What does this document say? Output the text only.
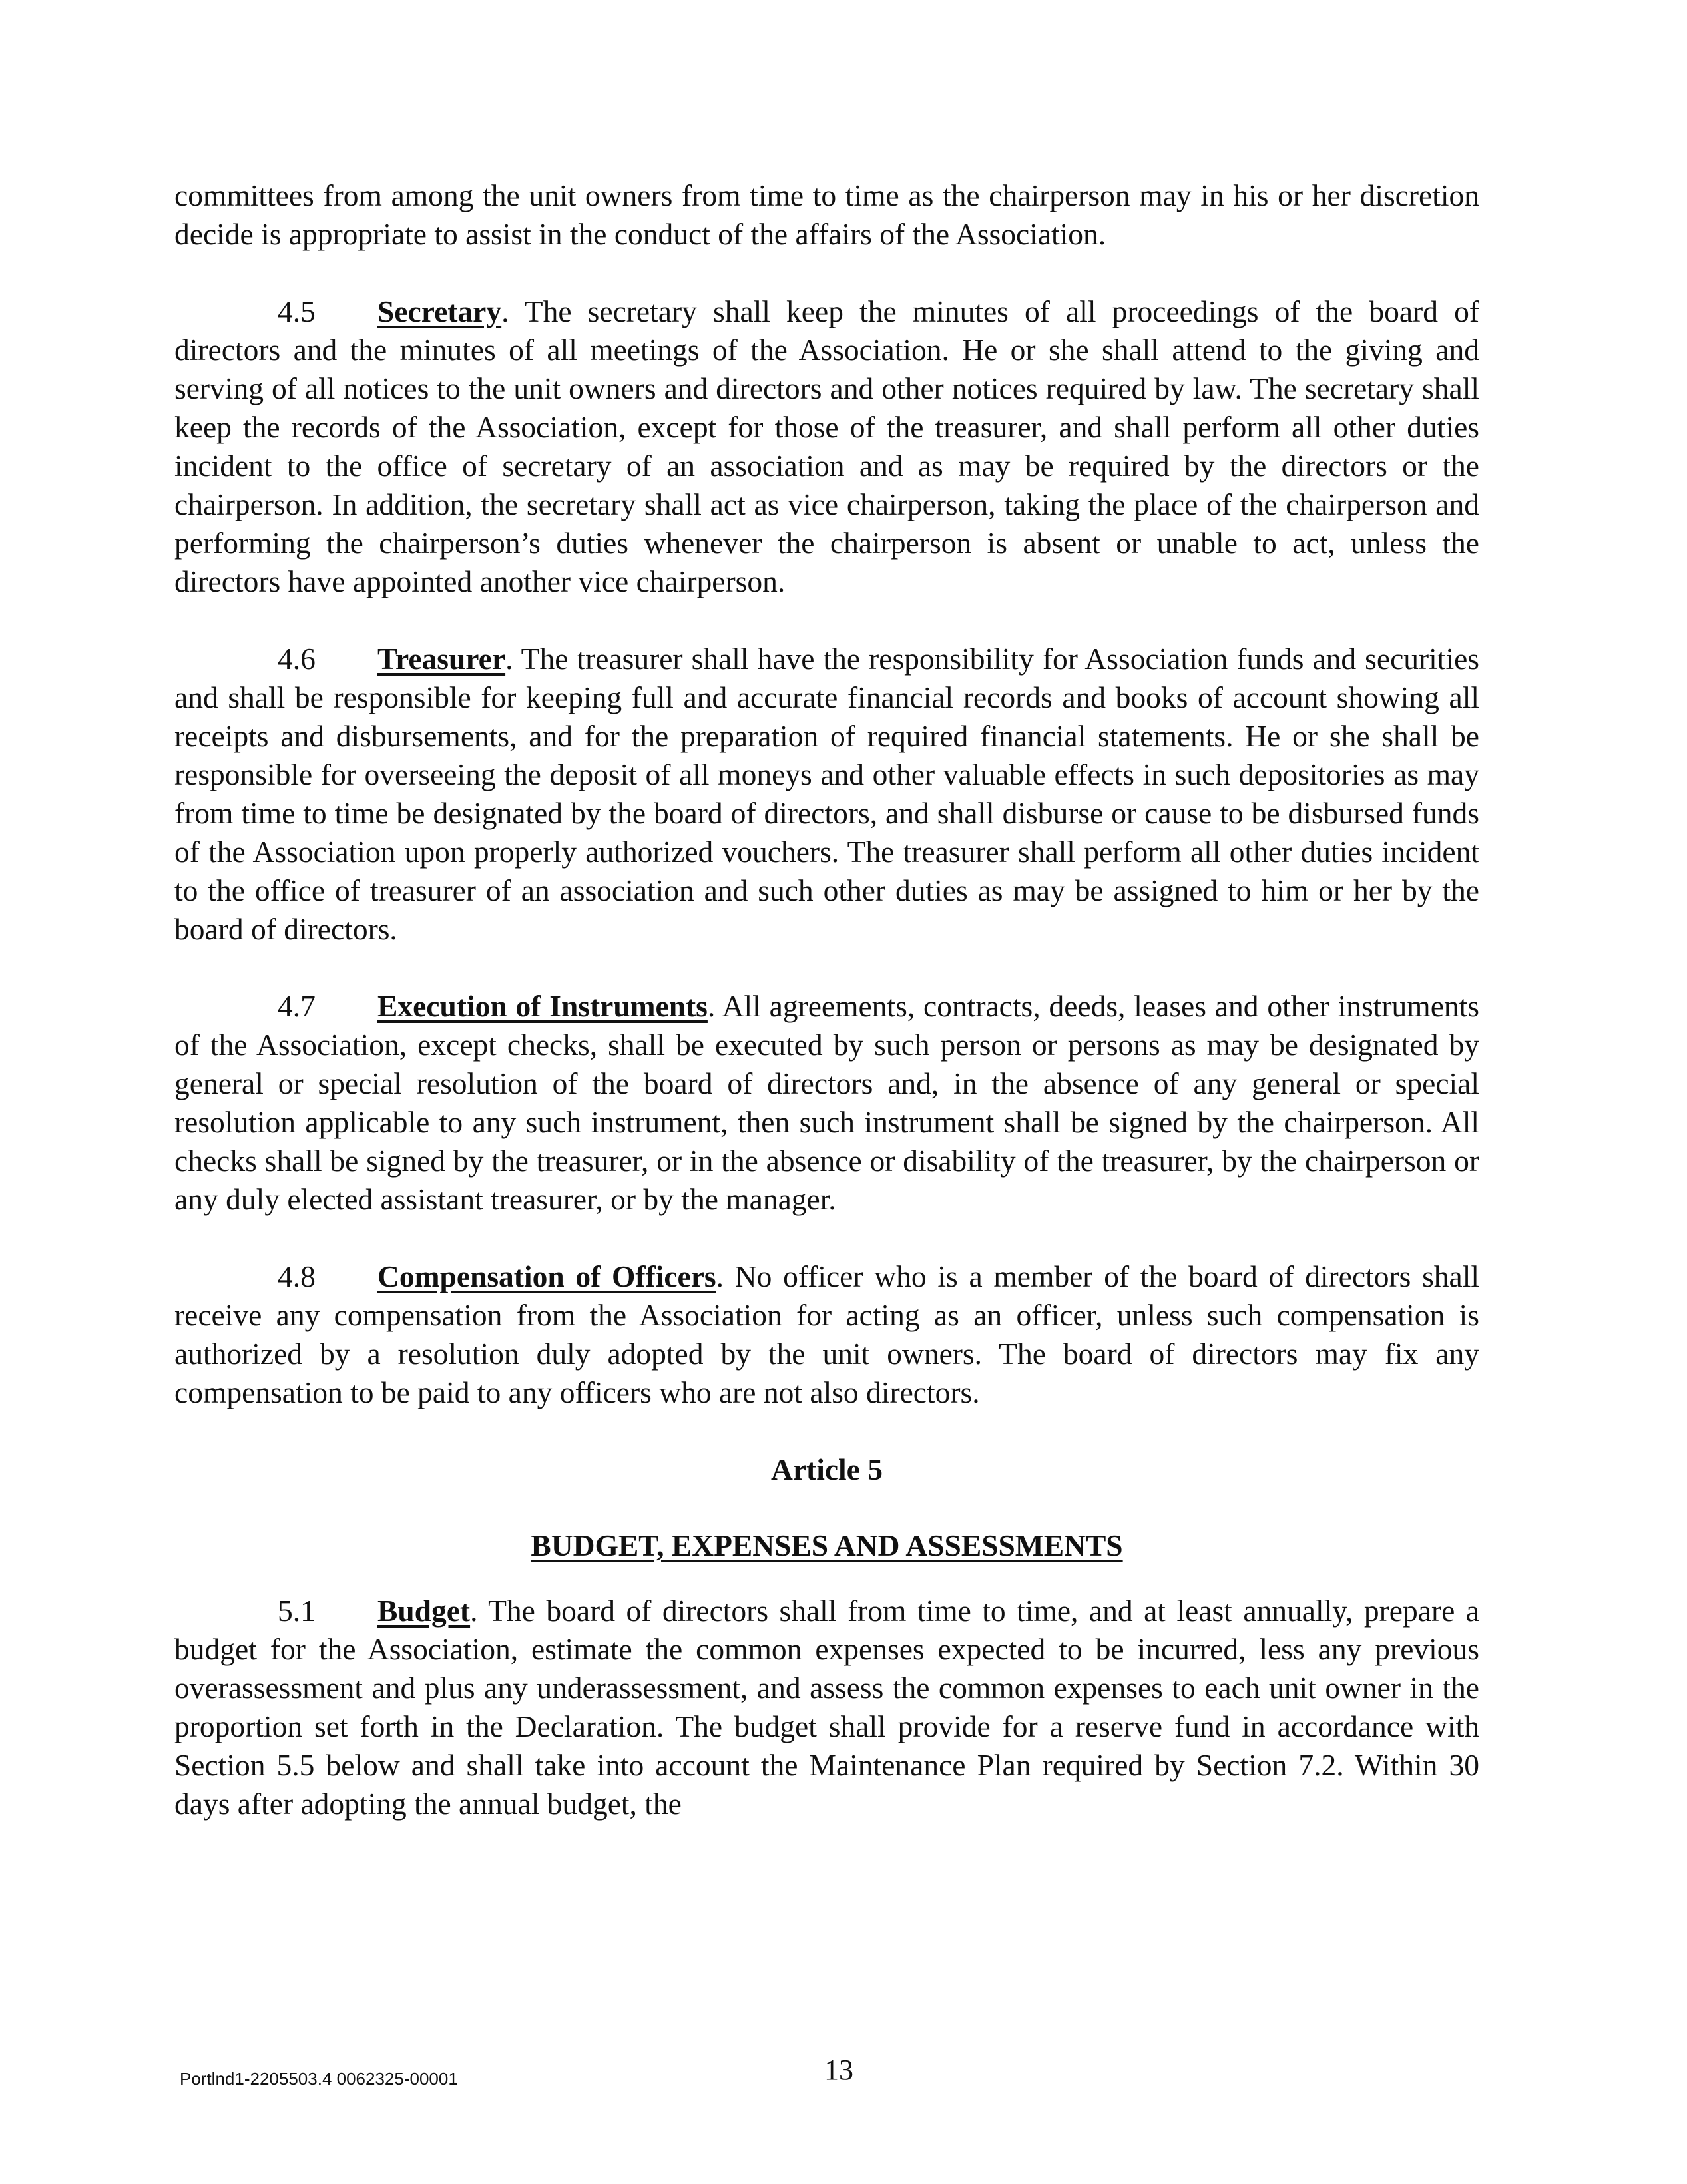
committees from among the unit owners from time to time as the chairperson may in his or her discretion decide is appropriate to assist in the conduct of the affairs of the Association.

4.5 Secretary. The secretary shall keep the minutes of all proceedings of the board of directors and the minutes of all meetings of the Association. He or she shall attend to the giving and serving of all notices to the unit owners and directors and other notices required by law. The secretary shall keep the records of the Association, except for those of the treasurer, and shall perform all other duties incident to the office of secretary of an association and as may be required by the directors or the chairperson. In addition, the secretary shall act as vice chairperson, taking the place of the chairperson and performing the chairperson’s duties whenever the chairperson is absent or unable to act, unless the directors have appointed another vice chairperson.

4.6 Treasurer. The treasurer shall have the responsibility for Association funds and securities and shall be responsible for keeping full and accurate financial records and books of account showing all receipts and disbursements, and for the preparation of required financial statements. He or she shall be responsible for overseeing the deposit of all moneys and other valuable effects in such depositories as may from time to time be designated by the board of directors, and shall disburse or cause to be disbursed funds of the Association upon properly authorized vouchers. The treasurer shall perform all other duties incident to the office of treasurer of an association and such other duties as may be assigned to him or her by the board of directors.

4.7 Execution of Instruments. All agreements, contracts, deeds, leases and other instruments of the Association, except checks, shall be executed by such person or persons as may be designated by general or special resolution of the board of directors and, in the absence of any general or special resolution applicable to any such instrument, then such instrument shall be signed by the chairperson. All checks shall be signed by the treasurer, or in the absence or disability of the treasurer, by the chairperson or any duly elected assistant treasurer, or by the manager.

4.8 Compensation of Officers. No officer who is a member of the board of directors shall receive any compensation from the Association for acting as an officer, unless such compensation is authorized by a resolution duly adopted by the unit owners. The board of directors may fix any compensation to be paid to any officers who are not also directors.

Article 5
BUDGET, EXPENSES AND ASSESSMENTS

5.1 Budget. The board of directors shall from time to time, and at least annually, prepare a budget for the Association, estimate the common expenses expected to be incurred, less any previous overassessment and plus any underassessment, and assess the common expenses to each unit owner in the proportion set forth in the Declaration. The budget shall provide for a reserve fund in accordance with Section 5.5 below and shall take into account the Maintenance Plan required by Section 7.2. Within 30 days after adopting the annual budget, the

Portlnd1-2205503.4 0062325-00001	13
